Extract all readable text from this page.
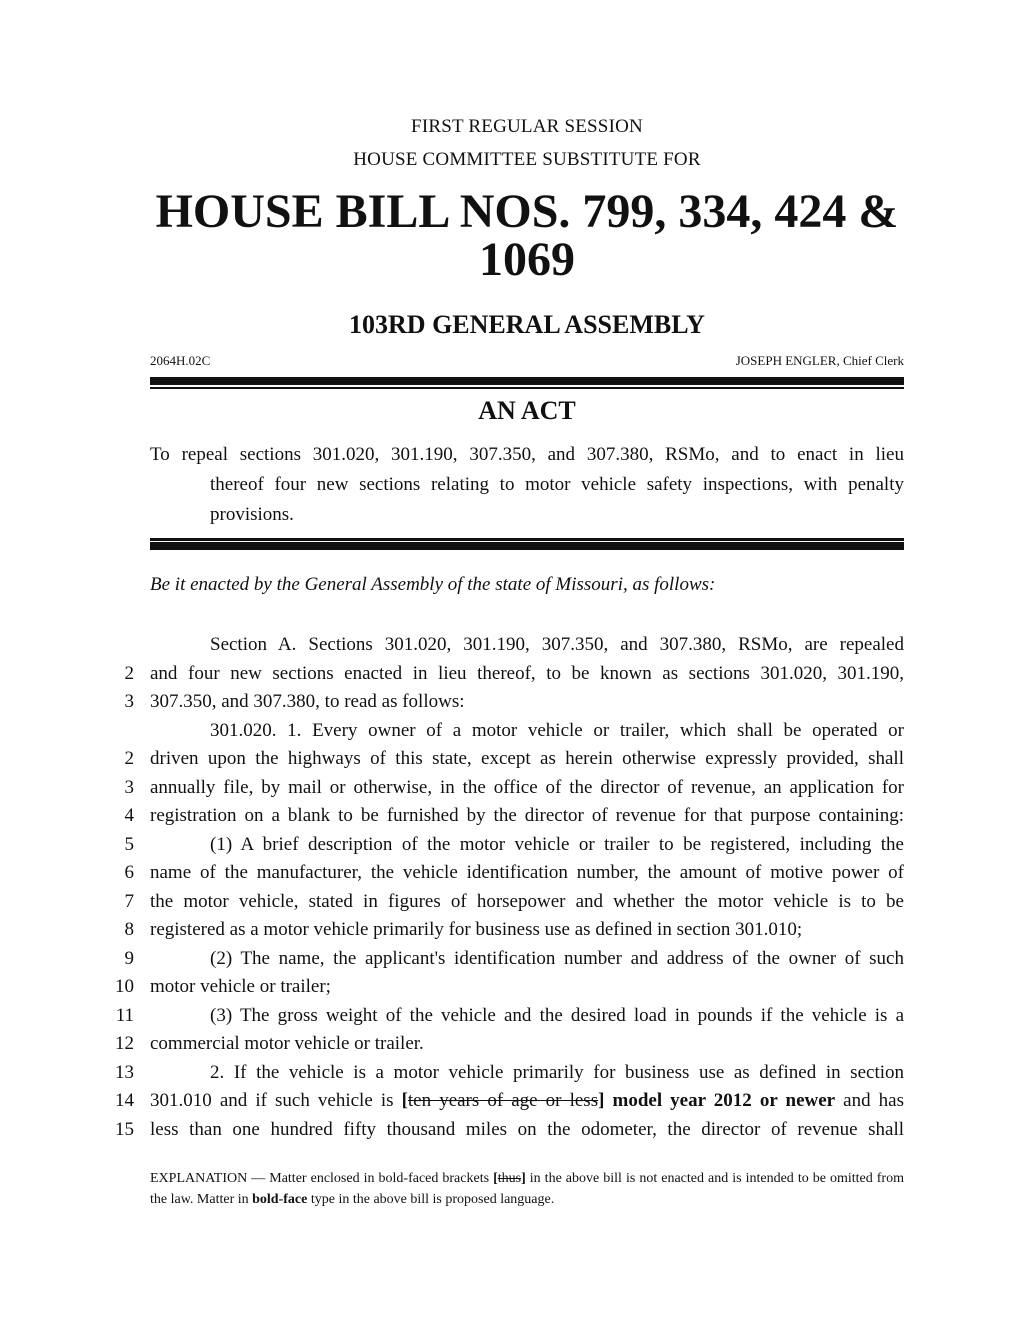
FIRST REGULAR SESSION
HOUSE COMMITTEE SUBSTITUTE FOR
HOUSE BILL NOS. 799, 334, 424 & 1069
103RD GENERAL ASSEMBLY
2064H.02C	JOSEPH ENGLER, Chief Clerk
AN ACT
To repeal sections 301.020, 301.190, 307.350, and 307.380, RSMo, and to enact in lieu
thereof four new sections relating to motor vehicle safety inspections, with penalty
provisions.
Be it enacted by the General Assembly of the state of Missouri, as follows:
Section A. Sections 301.020, 301.190, 307.350, and 307.380, RSMo, are repealed
2 and four new sections enacted in lieu thereof, to be known as sections 301.020, 301.190,
3 307.350, and 307.380, to read as follows:
301.020. 1. Every owner of a motor vehicle or trailer, which shall be operated or
2 driven upon the highways of this state, except as herein otherwise expressly provided, shall
3 annually file, by mail or otherwise, in the office of the director of revenue, an application for
4 registration on a blank to be furnished by the director of revenue for that purpose containing:
5	(1) A brief description of the motor vehicle or trailer to be registered, including the
6 name of the manufacturer, the vehicle identification number, the amount of motive power of
7 the motor vehicle, stated in figures of horsepower and whether the motor vehicle is to be
8 registered as a motor vehicle primarily for business use as defined in section 301.010;
9	(2) The name, the applicant's identification number and address of the owner of such
10 motor vehicle or trailer;
11	(3) The gross weight of the vehicle and the desired load in pounds if the vehicle is a
12 commercial motor vehicle or trailer.
13	2. If the vehicle is a motor vehicle primarily for business use as defined in section
14 301.010 and if such vehicle is [ten years of age or less] model year 2012 or newer and has
15 less than one hundred fifty thousand miles on the odometer, the director of revenue shall
EXPLANATION — Matter enclosed in bold-faced brackets [thus] in the above bill is not enacted and is intended to be omitted from the law. Matter in bold-face type in the above bill is proposed language.
